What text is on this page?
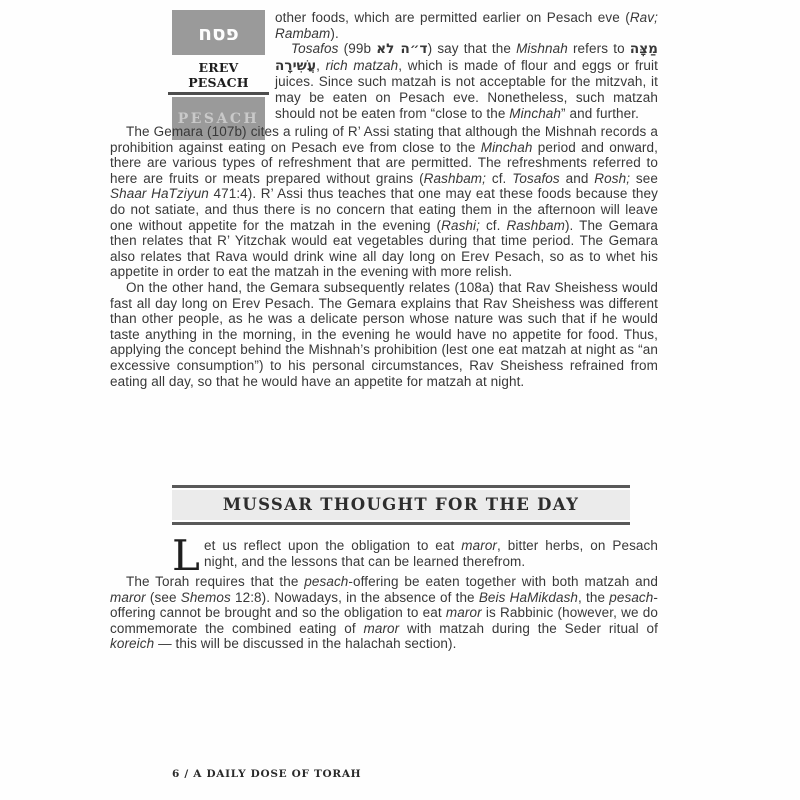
פסח
EREV PESACH
PESACH

other foods, which are permitted earlier on Pesach eve (Rav; Rambam).

Tosafos (99b ד״ה לא) say that the Mishnah refers to מַצָּה עֲשִׁירָה, rich matzah, which is made of flour and eggs or fruit juices. Since such matzah is not acceptable for the mitzvah, it may be eaten on Pesach eve. Nonetheless, such matzah should not be eaten from “close to the Minchah” and further.

The Gemara (107b) cites a ruling of R’ Assi stating that although the Mishnah records a prohibition against eating on Pesach eve from close to the Minchah period and onward, there are various types of refreshment that are permitted. The refreshments referred to here are fruits or meats prepared without grains (Rashbam; cf. Tosafos and Rosh; see Shaar HaTziyun 471:4). R’ Assi thus teaches that one may eat these foods because they do not satiate, and thus there is no concern that eating them in the afternoon will leave one without appetite for the matzah in the evening (Rashi; cf. Rashbam). The Gemara then relates that R’ Yitzchak would eat vegetables during that time period. The Gemara also relates that Rava would drink wine all day long on Erev Pesach, so as to whet his appetite in order to eat the matzah in the evening with more relish.

On the other hand, the Gemara subsequently relates (108a) that Rav Sheishess would fast all day long on Erev Pesach. The Gemara explains that Rav Sheishess was different than other people, as he was a delicate person whose nature was such that if he would taste anything in the morning, in the evening he would have no appetite for food. Thus, applying the concept behind the Mishnah’s prohibition (lest one eat matzah at night as “an excessive consumption”) to his personal circumstances, Rav Sheishess refrained from eating all day, so that he would have an appetite for matzah at night.

MUSSAR THOUGHT FOR THE DAY

L et us reflect upon the obligation to eat maror, bitter herbs, on Pesach night, and the lessons that can be learned therefrom.

The Torah requires that the pesach-offering be eaten together with both matzah and maror (see Shemos 12:8). Nowadays, in the absence of the Beis HaMikdash, the pesach-offering cannot be brought and so the obligation to eat maror is Rabbinic (however, we do commemorate the combined eating of maror with matzah during the Seder ritual of koreich — this will be discussed in the halachah section).

6 / A DAILY DOSE OF TORAH
